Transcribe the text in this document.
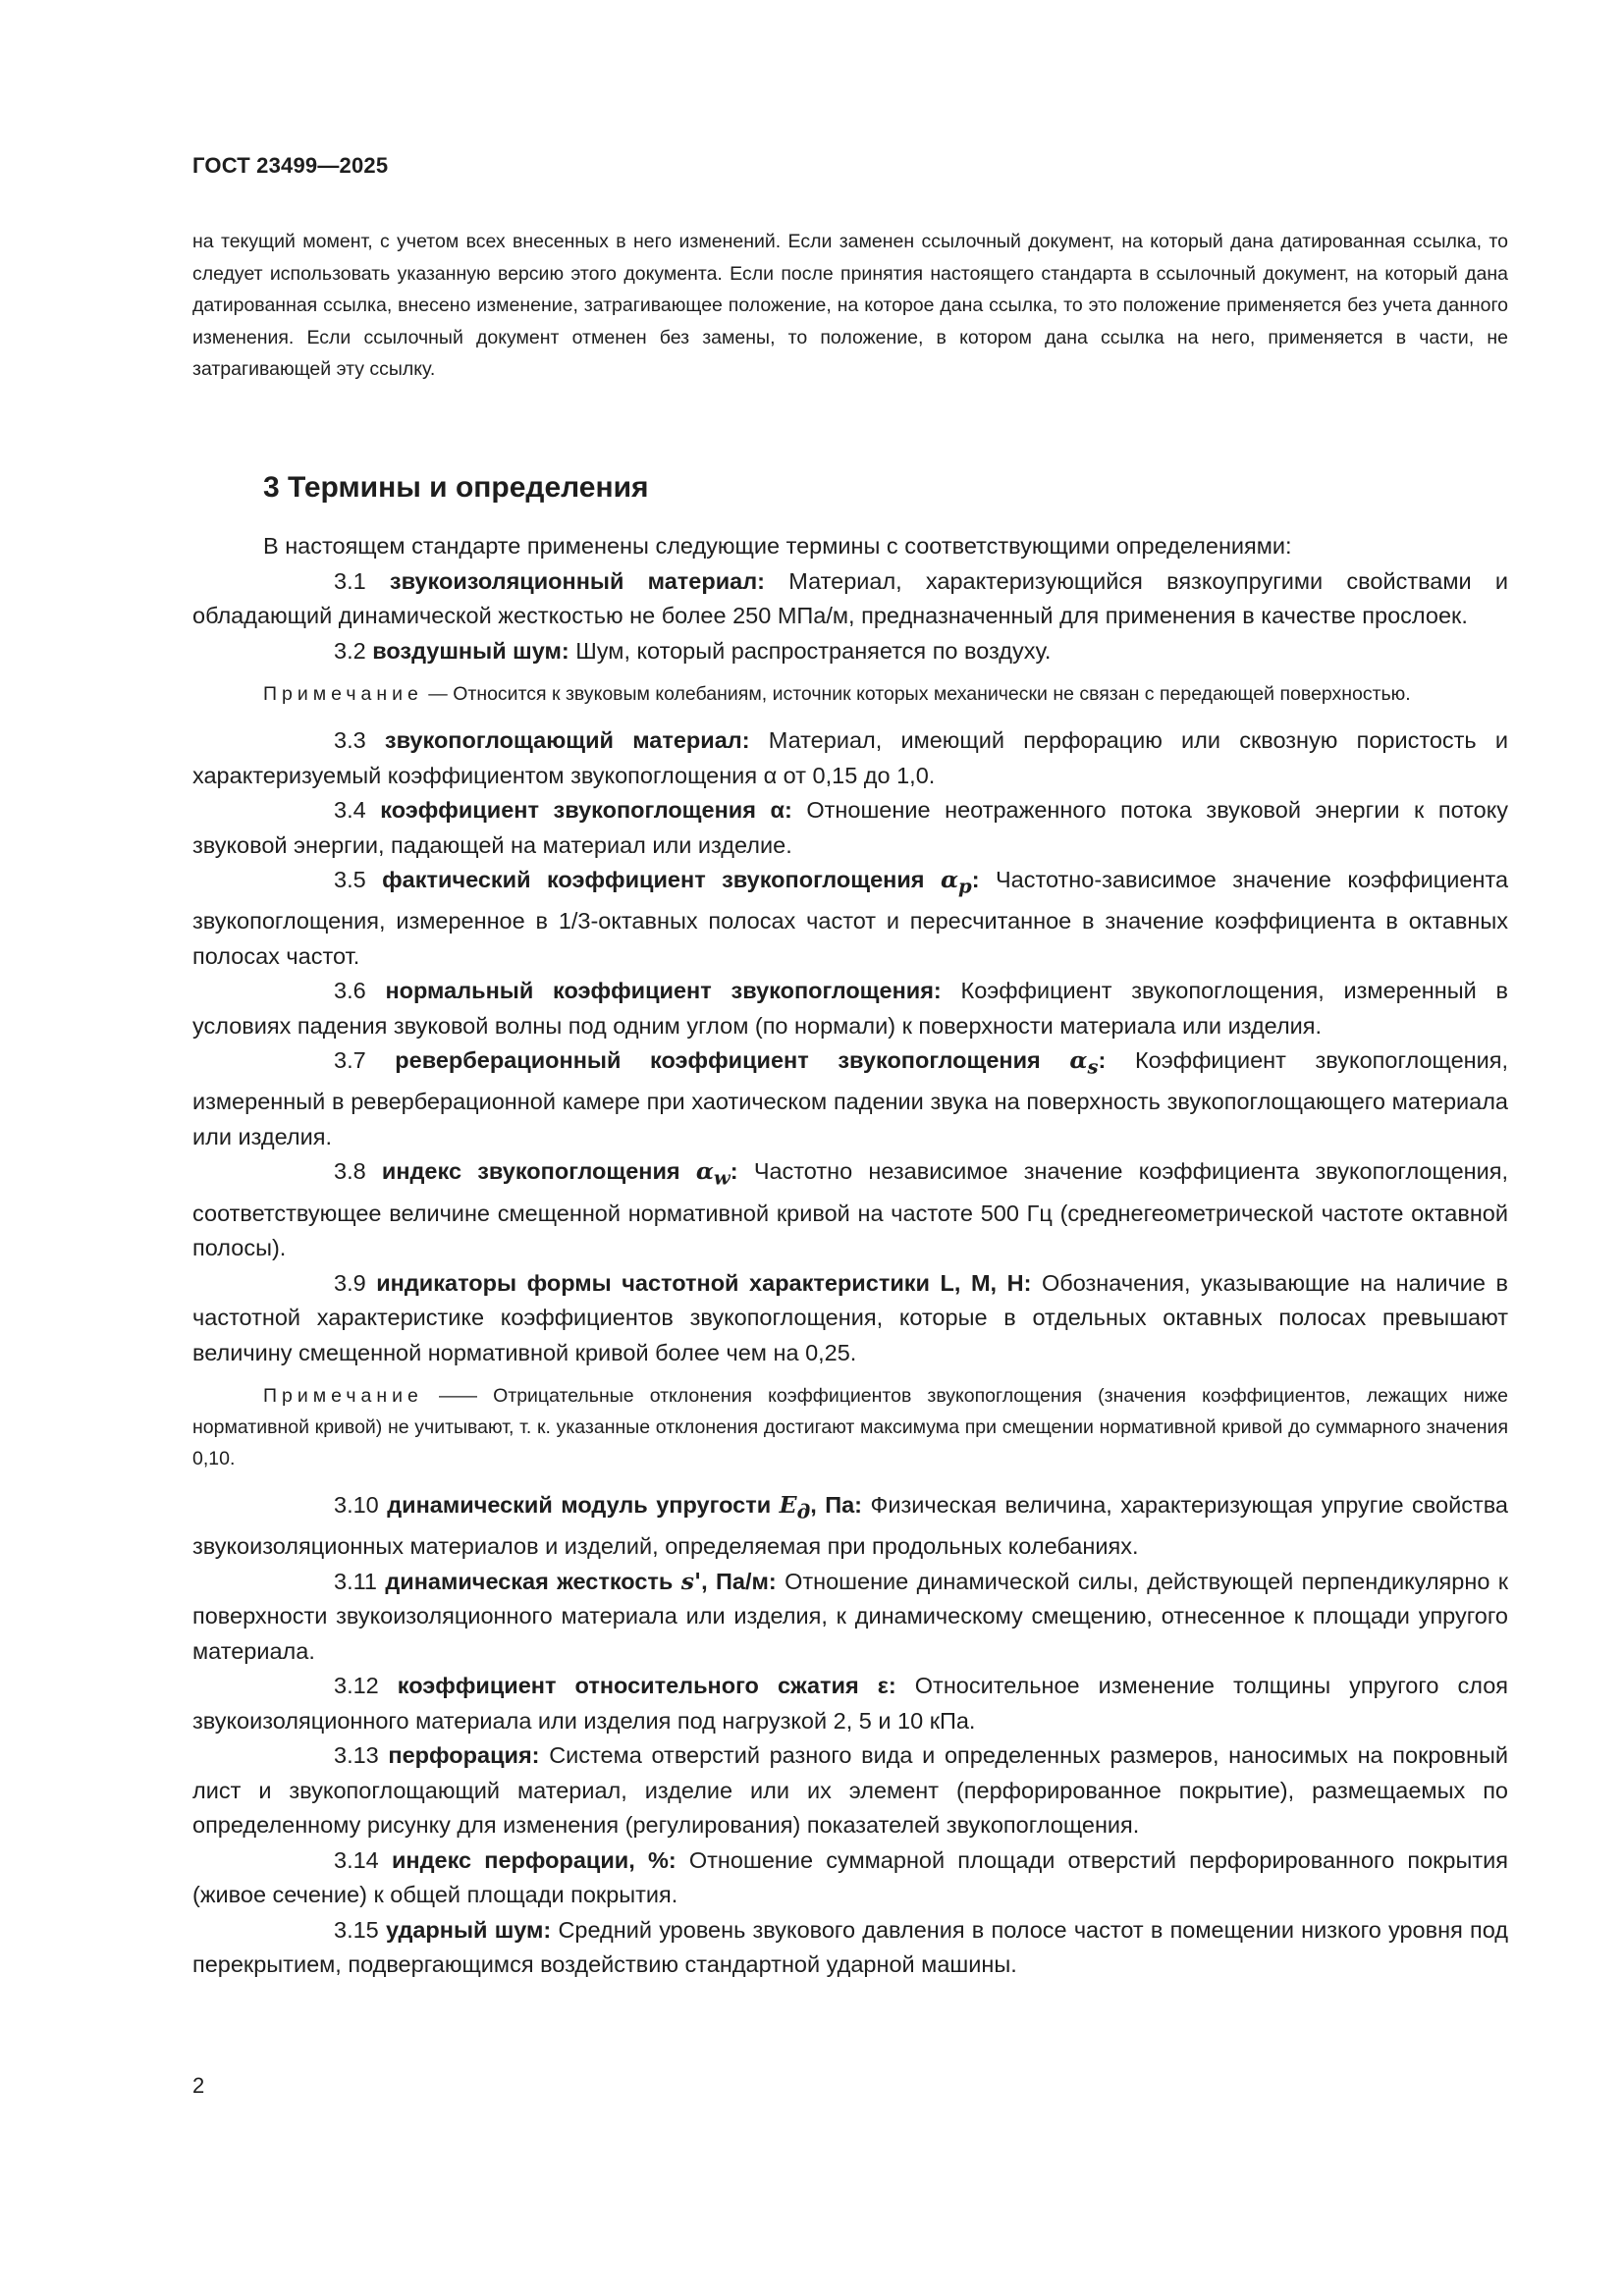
ГОСТ 23499—2025

на текущий момент, с учетом всех внесенных в него изменений. Если заменен ссылочный документ, на который дана датированная ссылка, то следует использовать указанную версию этого документа. Если после принятия настоящего стандарта в ссылочный документ, на который дана датированная ссылка, внесено изменение, затрагивающее положение, на которое дана ссылка, то это положение применяется без учета данного изменения. Если ссылочный документ отменен без замены, то положение, в котором дана ссылка на него, применяется в части, не затрагивающей эту ссылку.

3 Термины и определения

В настоящем стандарте применены следующие термины с соответствующими определениями:

3.1 звукоизоляционный материал: Материал, характеризующийся вязкоупругими свойствами и обладающий динамической жесткостью не более 250 МПа/м, предназначенный для применения в качестве прослоек.

3.2 воздушный шум: Шум, который распространяется по воздуху.

Примечание — Относится к звуковым колебаниям, источник которых механически не связан с передающей поверхностью.

3.3 звукопоглощающий материал: Материал, имеющий перфорацию или сквозную пористость и характеризуемый коэффициентом звукопоглощения α от 0,15 до 1,0.

3.4 коэффициент звукопоглощения α: Отношение неотраженного потока звуковой энергии к потоку звуковой энергии, падающей на материал или изделие.

3.5 фактический коэффициент звукопоглощения $\alpha_p$: Частотно-зависимое значение коэффициента звукопоглощения, измеренное в 1/3-октавных полосах частот и пересчитанное в значение коэффициента в октавных полосах частот.

3.6 нормальный коэффициент звукопоглощения: Коэффициент звукопоглощения, измеренный в условиях падения звуковой волны под одним углом (по нормали) к поверхности материала или изделия.

3.7 реверберационный коэффициент звукопоглощения $\alpha_s$: Коэффициент звукопоглощения, измеренный в реверберационной камере при хаотическом падении звука на поверхность звукопоглощающего материала или изделия.

3.8 индекс звукопоглощения $\alpha_w$: Частотно независимое значение коэффициента звукопоглощения, соответствующее величине смещенной нормативной кривой на частоте 500 Гц (среднегеометрической частоте октавной полосы).

3.9 индикаторы формы частотной характеристики L, M, H: Обозначения, указывающие на наличие в частотной характеристике коэффициентов звукопоглощения, которые в отдельных октавных полосах превышают величину смещенной нормативной кривой более чем на 0,25.

Примечание —— Отрицательные отклонения коэффициентов звукопоглощения (значения коэффициентов, лежащих ниже нормативной кривой) не учитывают, т. к. указанные отклонения достигают максимума при смещении нормативной кривой до суммарного значения 0,10.

3.10 динамический модуль упругости $E_д$, Па: Физическая величина, характеризующая упругие свойства звукоизоляционных материалов и изделий, определяемая при продольных колебаниях.

3.11 динамическая жесткость s', Па/м: Отношение динамической силы, действующей перпендикулярно к поверхности звукоизоляционного материала или изделия, к динамическому смещению, отнесенное к площади упругого материала.

3.12 коэффициент относительного сжатия ε: Относительное изменение толщины упругого слоя звукоизоляционного материала или изделия под нагрузкой 2, 5 и 10 кПа.

3.13 перфорация: Система отверстий разного вида и определенных размеров, наносимых на покровный лист и звукопоглощающий материал, изделие или их элемент (перфорированное покрытие), размещаемых по определенному рисунку для изменения (регулирования) показателей звукопоглощения.

3.14 индекс перфорации, %: Отношение суммарной площади отверстий перфорированного покрытия (живое сечение) к общей площади покрытия.

3.15 ударный шум: Средний уровень звукового давления в полосе частот в помещении низкого уровня под перекрытием, подвергающимся воздействию стандартной ударной машины.

2
